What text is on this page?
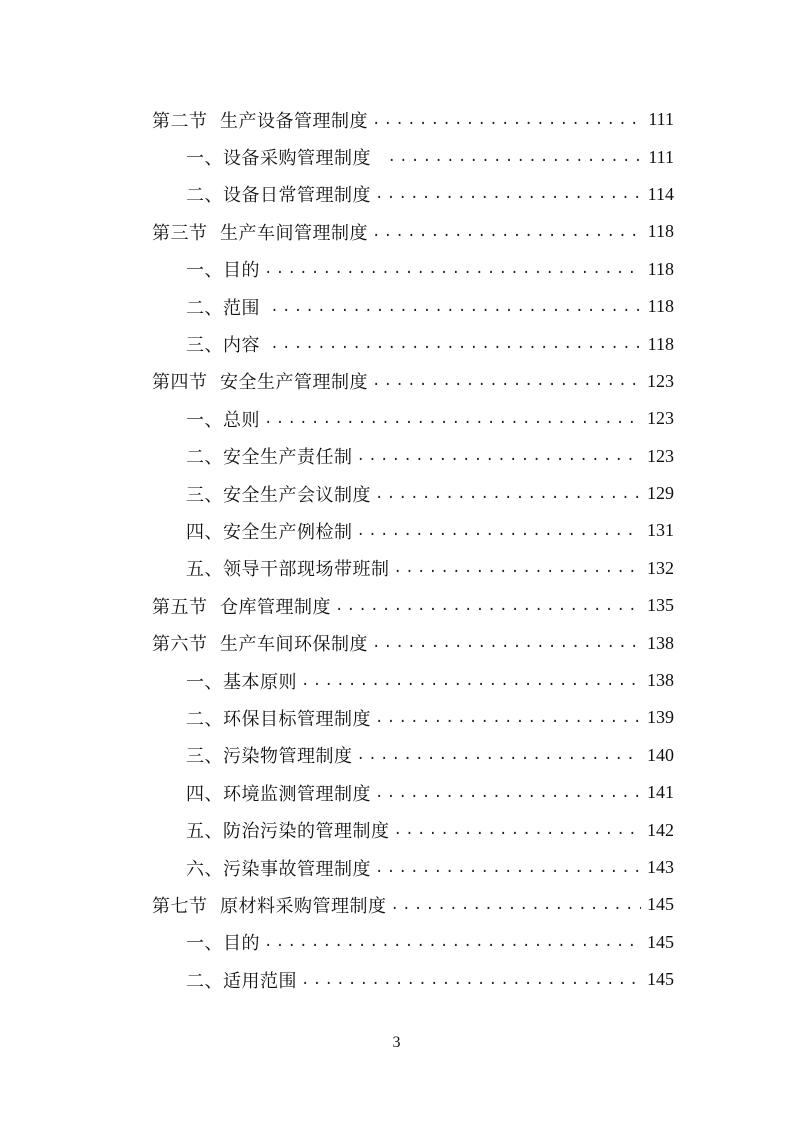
第二节  生产设备管理制度 .....	111
一、设备采购管理制度 .....	111
二、设备日常管理制度 .....	114
第三节  生产车间管理制度 .....	118
一、目的 .....	118
二、范围 .....	118
三、内容 .....	118
第四节  安全生产管理制度 .....	123
一、总则 .....	123
二、安全生产责任制 .....	123
三、安全生产会议制度 .....	129
四、安全生产例检制 .....	131
五、领导干部现场带班制 .....	132
第五节  仓库管理制度 .....	135
第六节  生产车间环保制度 .....	138
一、基本原则 .....	138
二、环保目标管理制度 .....	139
三、污染物管理制度 .....	140
四、环境监测管理制度 .....	141
五、防治污染的管理制度 .....	142
六、污染事故管理制度 .....	143
第七节  原材料采购管理制度 .....	145
一、目的 .....	145
二、适用范围 .....	145
3
